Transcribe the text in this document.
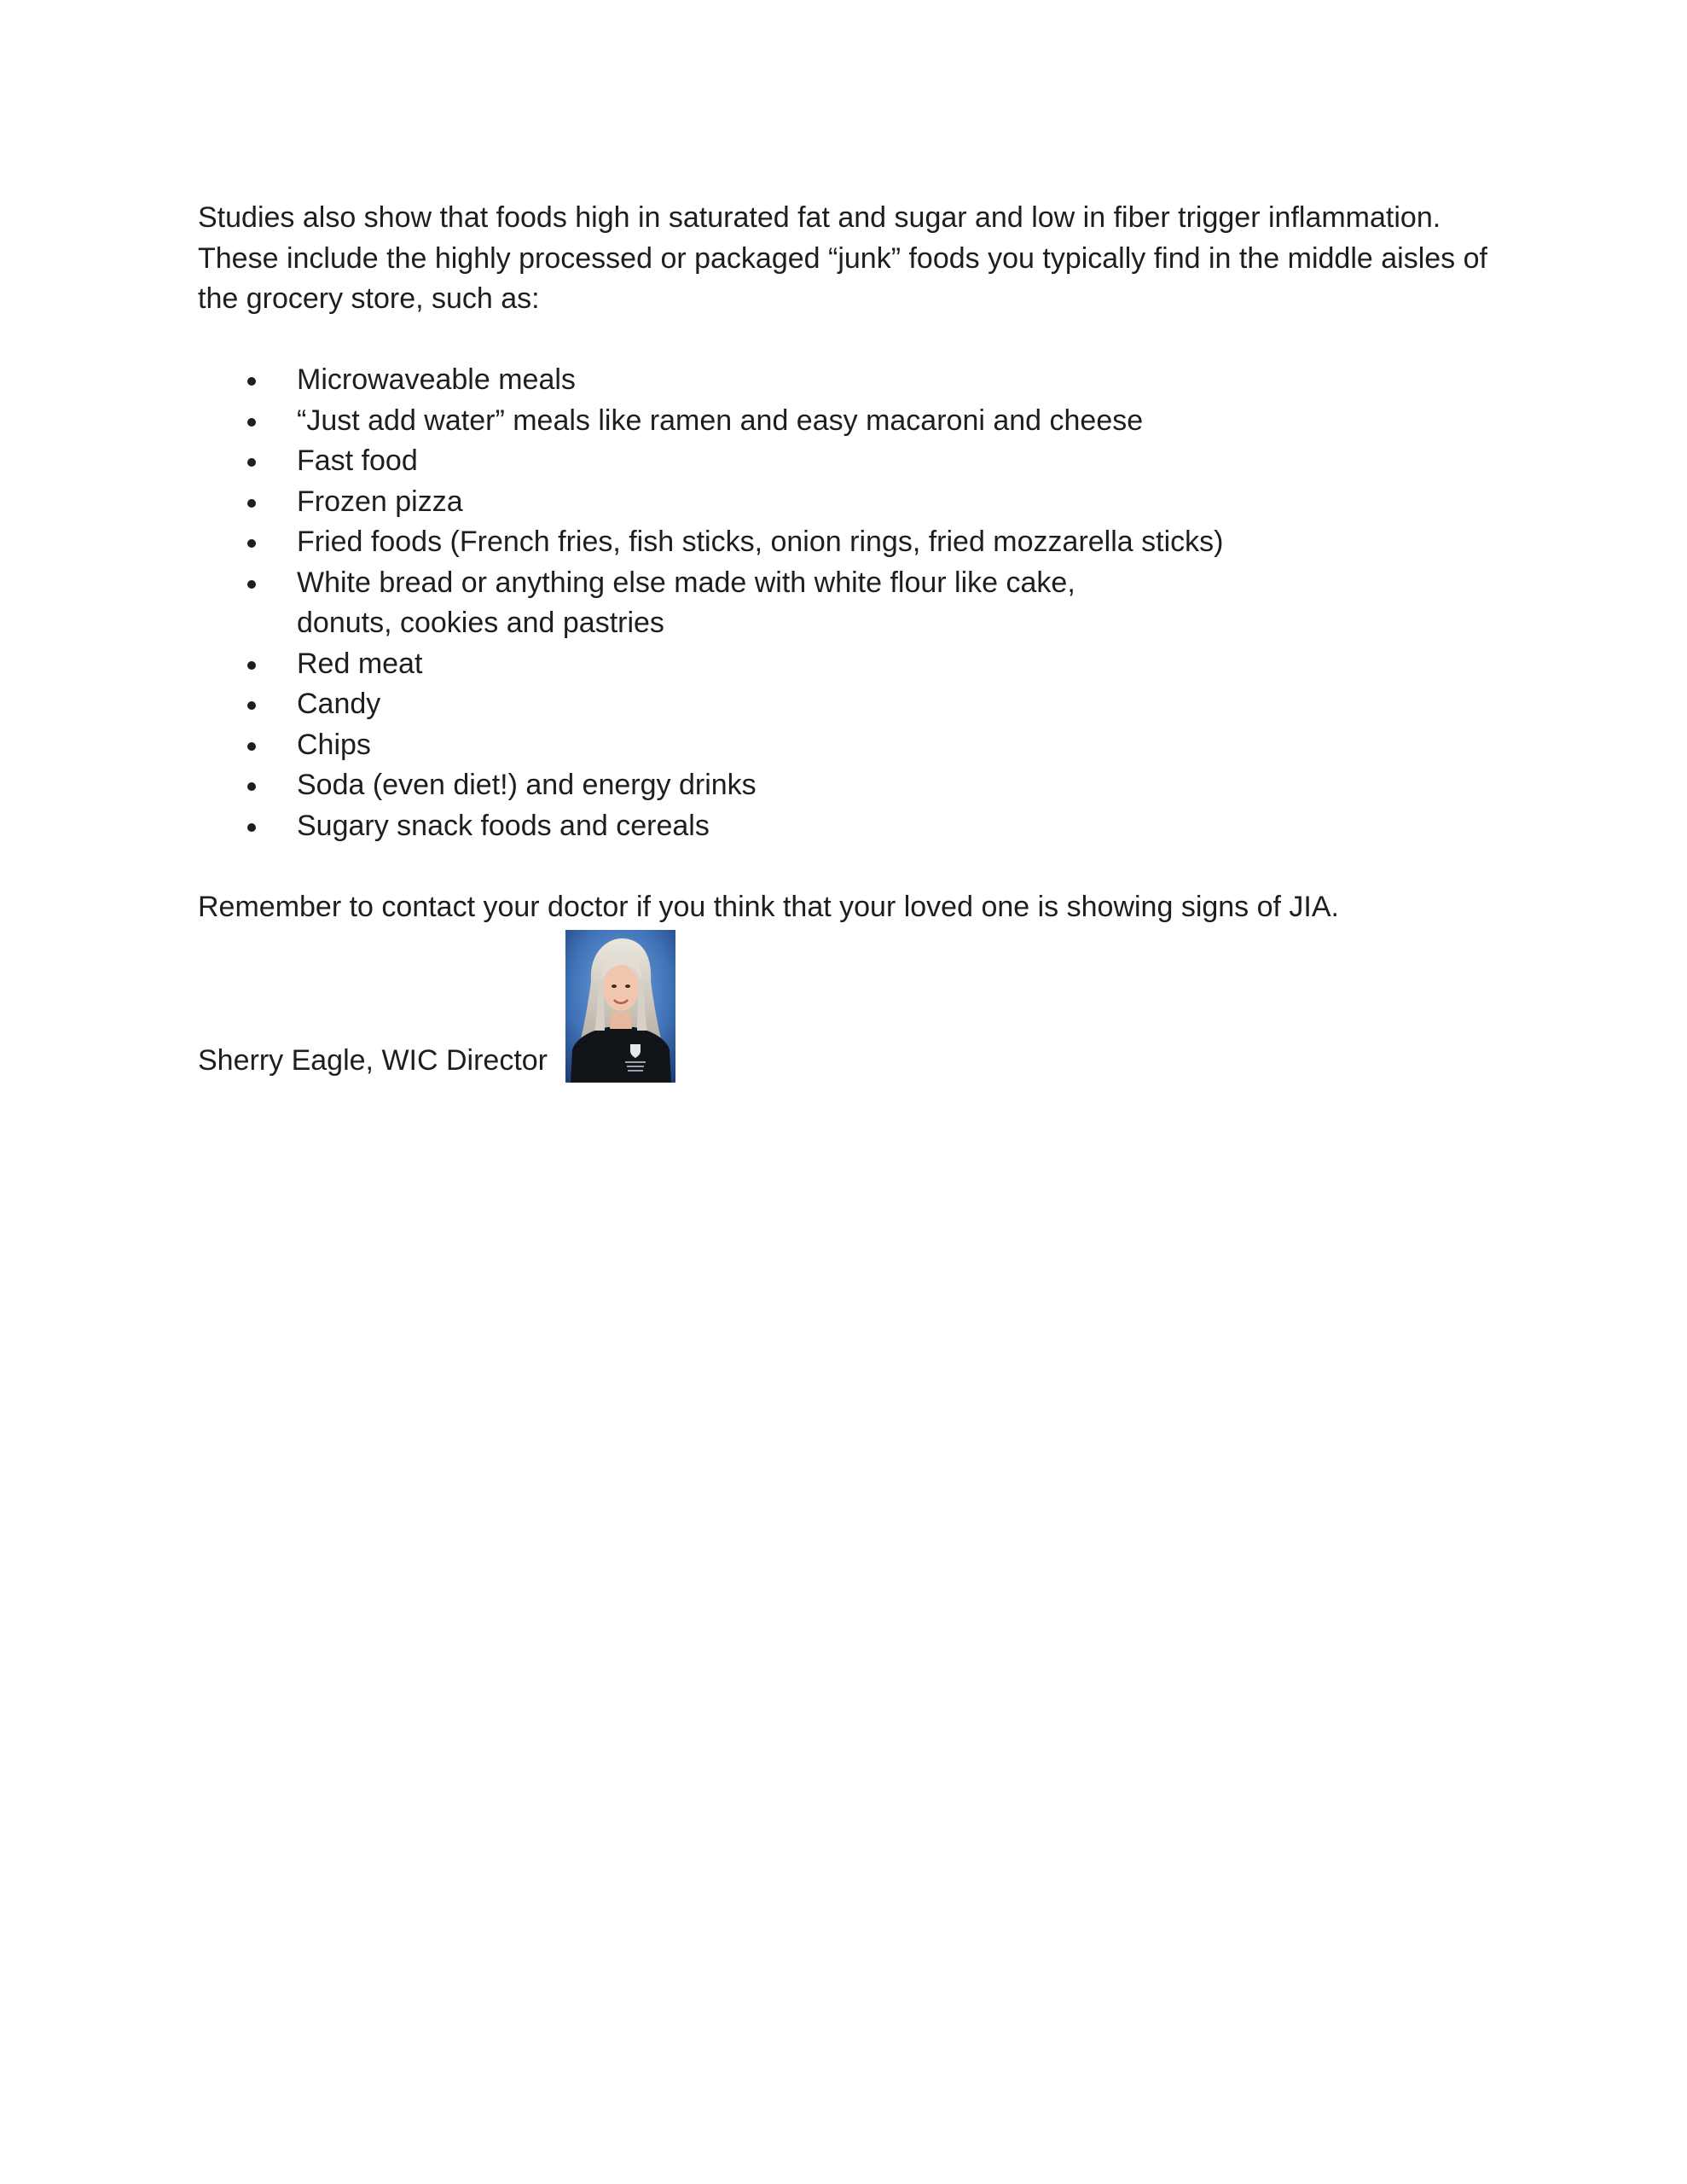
Studies also show that foods high in saturated fat and sugar and low in fiber trigger inflammation. These include the highly processed or packaged “junk” foods you typically find in the middle aisles of the grocery store, such as:

Microwaveable meals
“Just add water” meals like ramen and easy macaroni and cheese
Fast food
Frozen pizza
Fried foods (French fries, fish sticks, onion rings, fried mozzarella sticks)
White bread or anything else made with white flour like cake, donuts, cookies and pastries
Red meat
Candy
Chips
Soda (even diet!) and energy drinks
Sugary snack foods and cereals

Remember to contact your doctor if you think that your loved one is showing signs of JIA.

Sherry Eagle, WIC Director
